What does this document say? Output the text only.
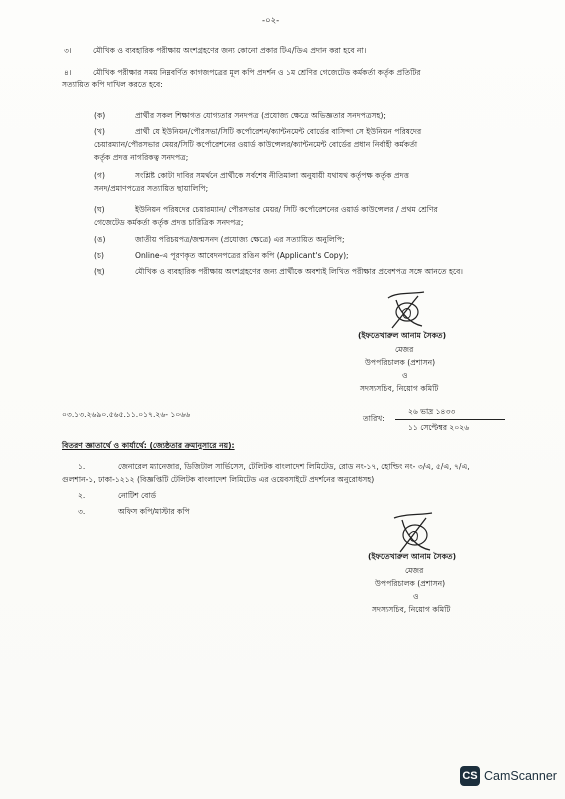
-০২-
৩।	মৌখিক ও ব্যবহারিক পরীক্ষায় অংশগ্রহণের জন্য কোনো প্রকার টিএ/ডিএ প্রদান করা হবে না।
৪।	মৌখিক পরীক্ষার সময় নিম্নবর্ণিত কাগজপত্রের মূল কপি প্রদর্শন ও ১ম শ্রেণির গেজেটেড কর্মকর্তা কর্তৃক প্রতিটির
সত্যায়িত কপি দাখিল করতে হবে:
(ক)	প্রার্থীর সকল শিক্ষাগত যোগ্যতার সনদপত্র (প্রযোজ্য ক্ষেত্রে অভিজ্ঞতার সনদপত্রসহ);
(খ)	প্রার্থী যে ইউনিয়ন/পৌরসভা/সিটি কর্পোরেশন/ক্যান্টনমেন্ট বোর্ডের বাসিন্দা সে ইউনিয়ন পরিষদের
চেয়ারম্যান/পৌরসভার মেয়র/সিটি কর্পোরেশনের ওয়ার্ড কাউন্সেলর/ক্যান্টনমেন্ট বোর্ডের প্রধান নির্বাহী কর্মকর্তা
কর্তৃক প্রদত্ত নাগরিকত্ব সনদপত্র;
(গ)	সংশ্লিষ্ট কোটা দাবির সমর্থনে প্রার্থীকে সর্বশেষ নীতিমালা অনুযায়ী যথাযথ কর্তৃপক্ষ কর্তৃক প্রদত্ত
সনদ/প্রমাণপত্রের সত্যায়িত ছায়ালিপি;
(ঘ)	ইউনিয়ন পরিষদের চেয়ারম্যান/ পৌরসভার মেয়র/ সিটি কর্পোরেশনের ওয়ার্ড কাউন্সেলর / প্রথম শ্রেণির
গেজেটেড কর্মকর্তা কর্তৃক প্রদত্ত চারিত্রিক সনদপত্র;
(ঙ)	জাতীয় পরিচয়পত্র/জন্মসনদ (প্রযোজ্য ক্ষেত্রে) এর সত্যায়িত অনুলিপি;
(চ)	Online-এ পূরণকৃত আবেদনপত্রের রঙিন কপি (Applicant's Copy);
(ছ)	মৌখিক ও ব্যবহারিক পরীক্ষায় অংশগ্রহণের জন্য প্রার্থীকে অবশ্যই লিখিত পরীক্ষার প্রবেশপত্র সঙ্গে আনতে হবে।
(ইফতেখারুল আনাম সৈকত)
মেজর
উপপরিচালক (প্রশাসন)
ও
সদস্যসচিব, নিয়োগ কমিটি
০৩.১৩.২৬৯০.৫৬৫.১১.০১৭.২৬- ১০৬৬	তারিখ:
২৬ ভাদ্র ১৪৩৩
১১ সেপ্টেম্বর ২০২৬
বিতরণ জ্ঞাতার্থে ও কার্যার্থে: (জ্যেষ্ঠতার ক্রমানুসারে নয়):
১.	জেনারেল ম্যানেজার, ডিজিটাল সার্ভিসেস, টেলিটক বাংলাদেশ লিমিটেড, রোড নং-১৭, হোল্ডিং নং- ৩/এ, ৫/এ, ৭/এ,
গুলশান-১, ঢাকা-১২১২ (বিজ্ঞপ্তিটি টেলিটক বাংলাদেশ লিমিটেড এর ওয়েবসাইটে প্রদর্শনের অনুরোধসহ)
২.	নোটিশ বোর্ড
৩.	অফিস কপি/মাস্টার কপি
(ইফতেখারুল আনাম সৈকত)
মেজর
উপপরিচালক (প্রশাসন)
ও
সদস্যসচিব, নিয়োগ কমিটি
CS CamScanner
